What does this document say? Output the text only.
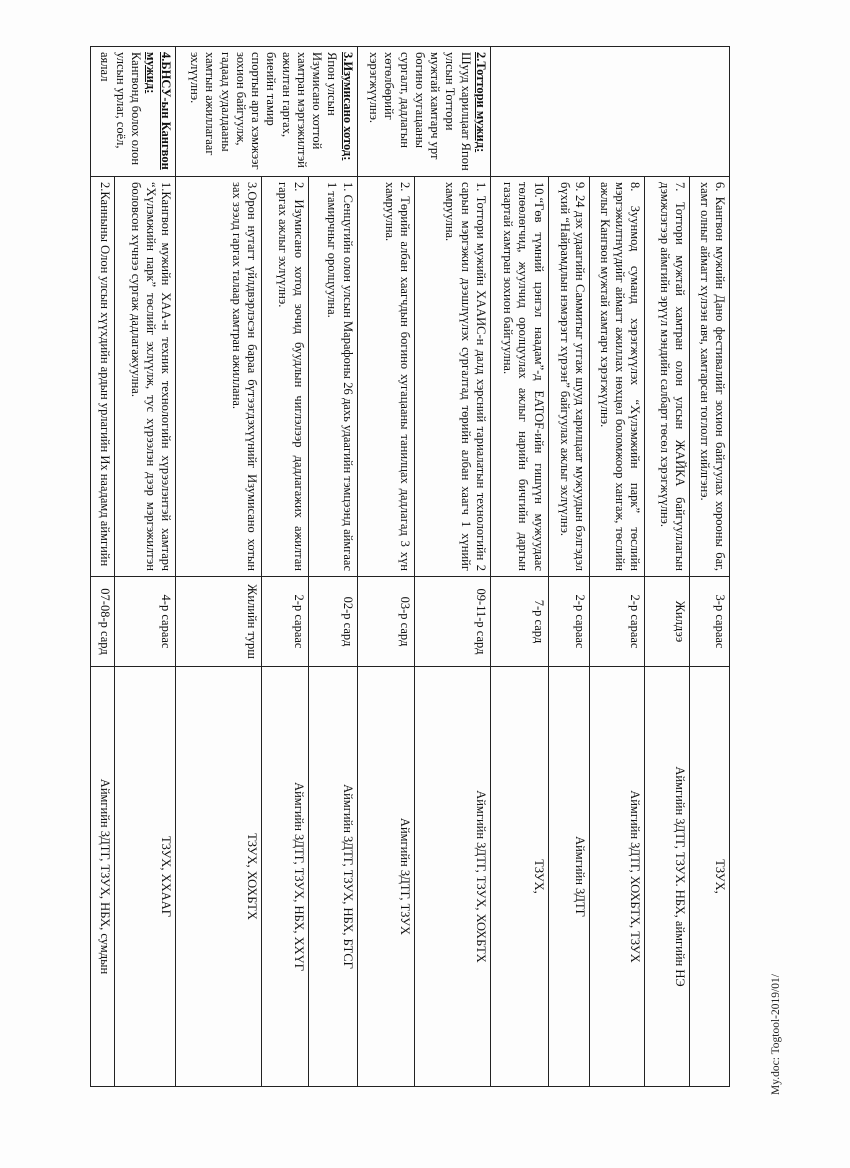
	6. Кангвон мужийн Дано фестивалийг зохион байгуулах хорооны баг, хамт олныг аймагт хүлээн авч, хамтарсан тоглолт хийлгэнэ.	3-р сараас	ТЗУХ,
	7. Тоттори мужтай хамтран олон улсын ЖАЙКА байгууллагын дэмжлэгээр аймгийн эрүүл мэндийн салбарт төсөл хэрэгжүүлнэ.	Жилдээ	Аймгийн ЗДТГ, ТЗУХ. НБХ, аймгийн НЭ
	8. Зуунмод суманд хэрэгжүүлэх “Хүлэмжийн парк” төслийн мэргэжилтнүүдийг аймагт ажиллах нөхцөл боломжоор хангаж, төслийн ажлыг Кангвон мужтай хамтарч хэрэгжүүлнэ.	2-р сараас	Аймгийн ЗДТГ, ХОХБТХ, ТЗУХ
	9. 24 дэх удаагийн Саммитыг уггаж шууд харилцаат мужуудын бэлгэдэл бүхий “Найрамдлын нэмэрэгт хүрээн” байгуулах ажлыг эхлүүлнэ.	2-р сараас	Аймгийн ЗДТГ
	10.“Гөв түмний цэнгэл наадам”-д EATOF-ийн гишүүн мужуудаас төлөөлөгчид, жуулчид оролцуулах ажлыг нарийн бичгийн даргын газартай хамтран зохион байгуулна.	7-р сард	ТЗУХ,

2.Тоттори мужид:
Шууд харилцаат Япон улсын Тоттори мужтай хамтарч урт богино хугацааны сургалт, дадлагын хөтөлбөрийг хэрэгжүүлнэ.	1. Тоттори мужийн ХААИС-н далд хэрсний тариалатын технологийн 2 сарын мэргэжил дээшлүүлэх сургалтад төрийн албан хаагч 1 хүнийг хамруулна.	09-11-р сард	Аймгийн ЗДТГ, ТЗУХ, ХОХБТХ
	2. Төрийн албан хаагчдын богино хугацааны танилцах дадлагад 3 хүн хамруулна.	03-р сард	Аймгийн ЗДТГ, ТЗУХ

3.Изумисано хотод:
Япон улсын Изумисано хоттой хамтран мэргэжилтэй ажилтан гаргах, биеийн тамир спортын арга хэмжээг зохион байгуулж, гадаад худалдааны хамтын ажиллагааг эхлүүлнэ.	1. Сенцугийн олон улсын Марафоны 26 дахь удаагийн тэмцээнд аймгаас 1 тамирчныг оролцуулна.	02-р сард	Аймгийн ЗДТГ, ТЗУХ, НБХ, БТСГ
	2. Изумисано хотод зочид буудлын чиглэлээр дадлагажих ажилтан гаргах ажлыг эхлүүлнэ.	2-р сараас	Аймгийн ЗДТГ, ТЗУХ, НБХ, ХХҮГ
	3.Орон нутагт үйлдвэрлэсэн бараа бүтээгдэхүүнийг Изумисано хотын зах зээлд гаргах талаар хамтран ажиллана.	Жилийн турш	ТЗУХ, ХОХБТХ

4.БНСУ-ын Кангвон мужид:
Кангвонд болох олон улсын урлаг, соёл, аялал	1.Кангвон мужийн ХАА-н техник технологийн хүрээлэнтэй хамтарч “Хүлэмжийн парк” төслийг эхлүүлж, тус хүрээлэн дээр мэргэжилтэн боловсон хүчнээ сургаж дадлагажуулна.	4-р сараас	ТЗУХ, ХХААГ
	2.Канныны Олон улсын хүүхдийн ардын урлагийн Их наадамд аймгийн	07-08-р сард	Аймгийн ЗДТГ, ТЗУХ, НБХ, сумдын
My.doc: Togtool-2019/01/
